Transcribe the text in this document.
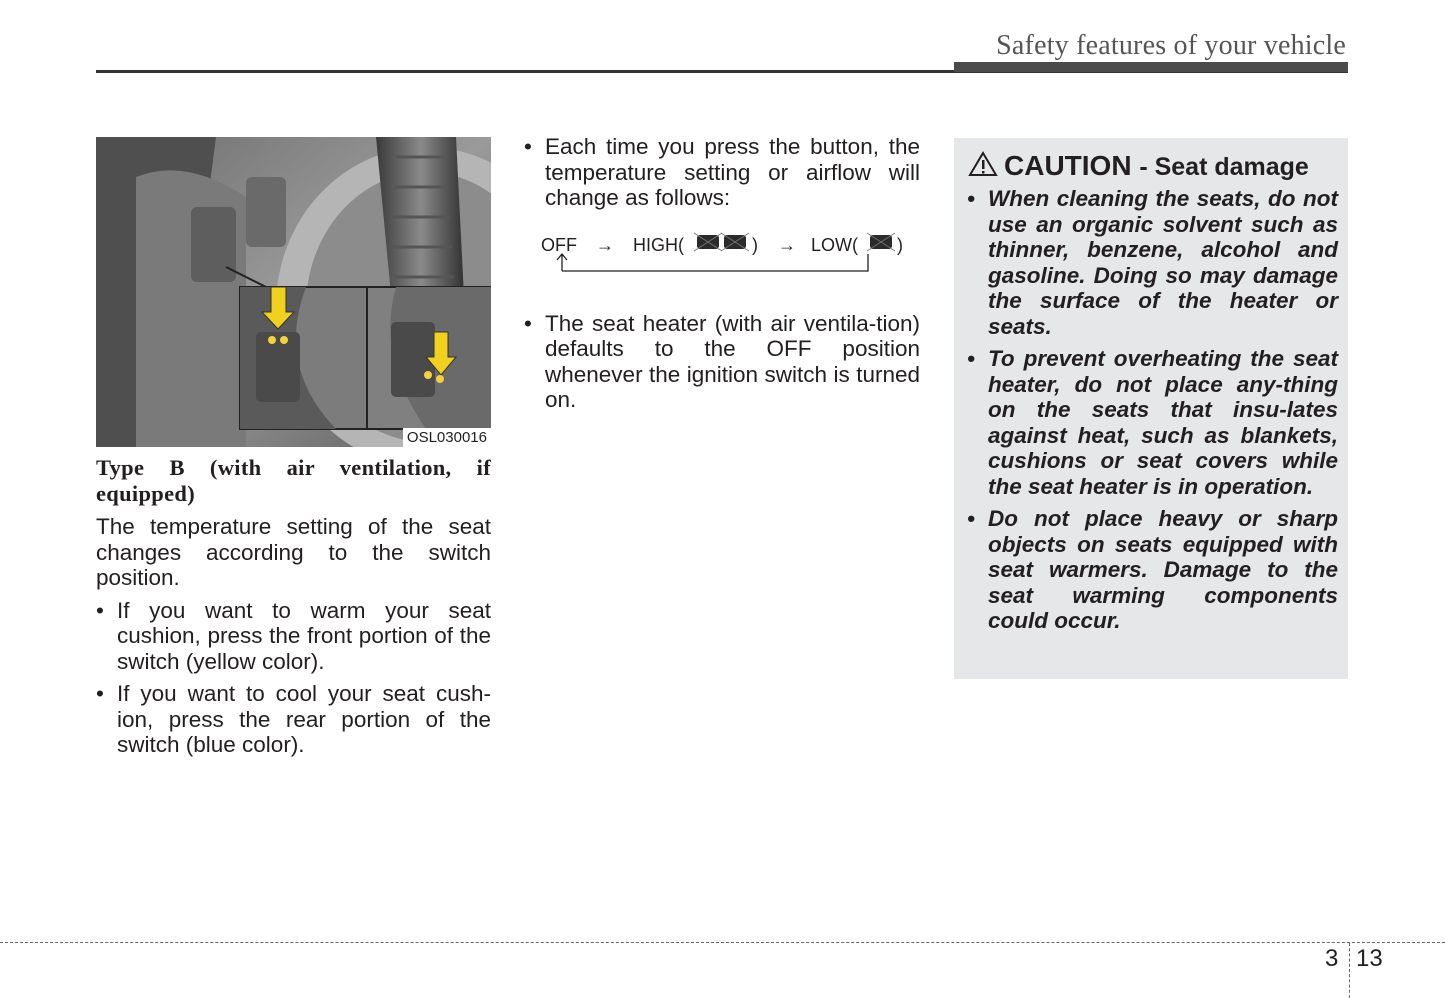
Safety features of your vehicle
OSL030016
Type B (with air ventilation, if equipped)
The temperature setting of the seat changes according to the switch position.
• If you want to warm your seat cushion, press the front portion of the switch (yellow color).
• If you want to cool your seat cush-ion, press the rear portion of the switch (blue color).
• Each time you press the button, the temperature setting or airflow will change as follows:
OFF → HIGH(	) → LOW( )
• The seat heater (with air ventila-tion) defaults to the OFF position whenever the ignition switch is turned on.
CAUTION - Seat damage
• When cleaning the seats, do not use an organic solvent such as thinner, benzene, alcohol and gasoline. Doing so may damage the surface of the heater or seats.
• To prevent overheating the seat heater, do not place any-thing on the seats that insu-lates against heat, such as blankets, cushions or seat covers while the seat heater is in operation.
• Do not place heavy or sharp objects on seats equipped with seat warmers. Damage to the seat warming components could occur.
3 13
